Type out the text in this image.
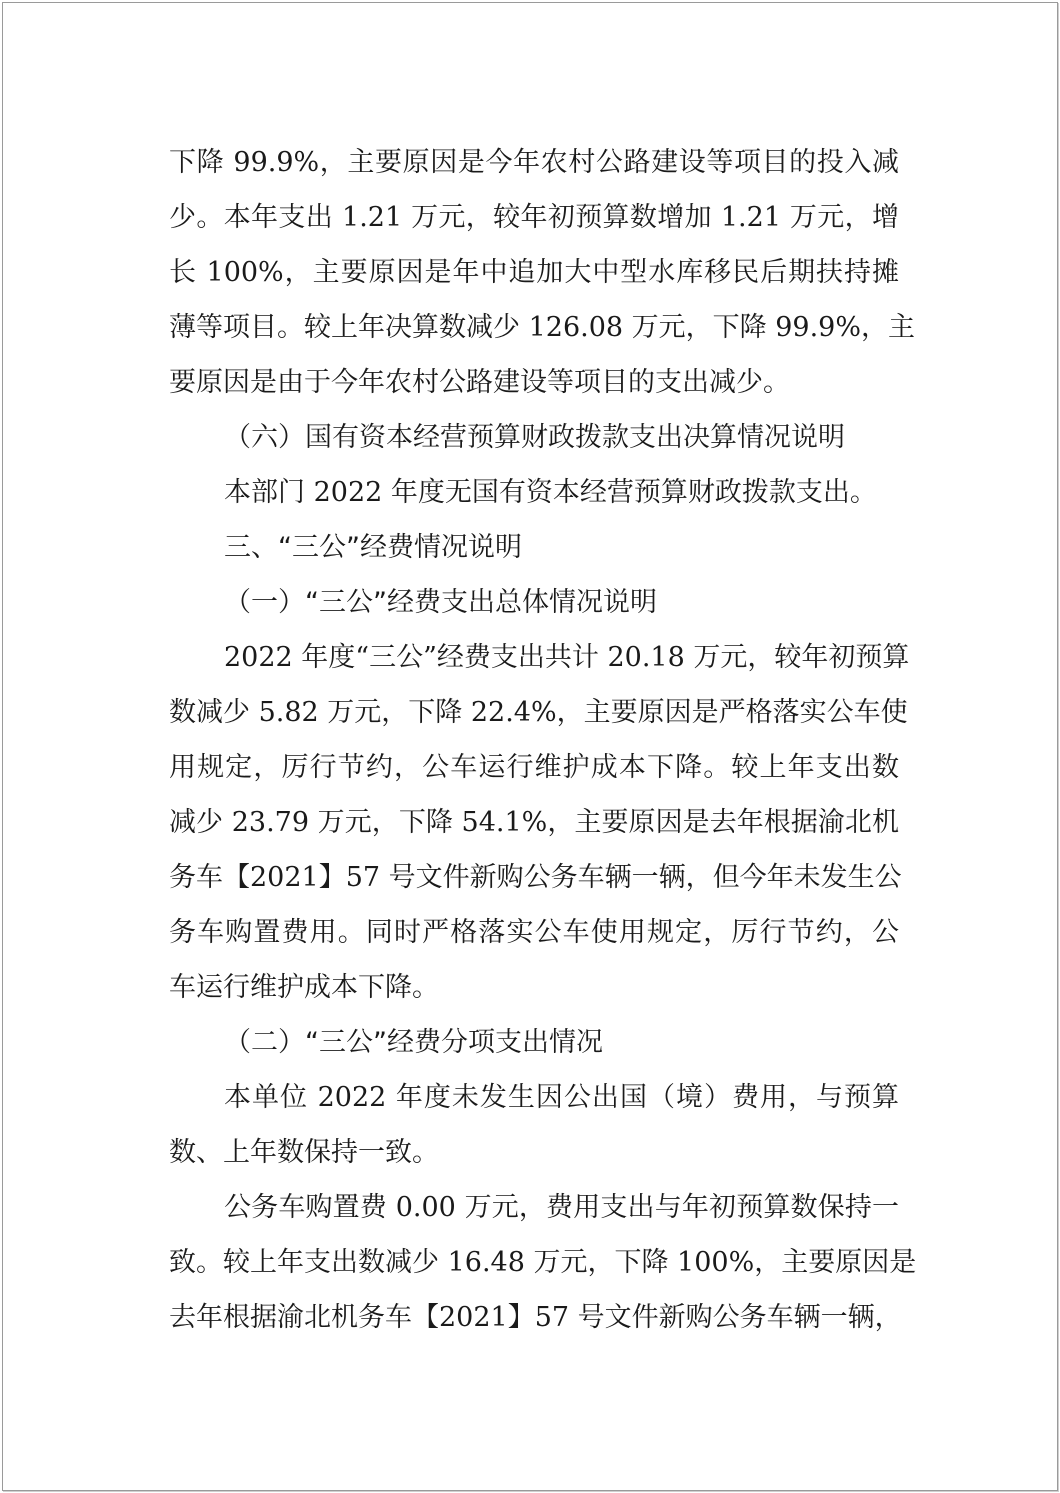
下降 99.9%，主要原因是今年农村公路建设等项目的投入减
少。本年支出 1.21 万元，较年初预算数增加 1.21 万元，增
长 100%，主要原因是年中追加大中型水库移民后期扶持摊
薄等项目。较上年决算数减少 126.08 万元，下降 99.9%，主
要原因是由于今年农村公路建设等项目的支出减少。
（六）国有资本经营预算财政拨款支出决算情况说明
本部门 2022 年度无国有资本经营预算财政拨款支出。
三、“三公”经费情况说明
（一）“三公”经费支出总体情况说明
2022 年度“三公”经费支出共计 20.18 万元，较年初预算
数减少 5.82 万元，下降 22.4%，主要原因是严格落实公车使
用规定，厉行节约，公车运行维护成本下降。较上年支出数
减少 23.79 万元，下降 54.1%，主要原因是去年根据渝北机
务车【2021】57 号文件新购公务车辆一辆，但今年未发生公
务车购置费用。同时严格落实公车使用规定，厉行节约，公
车运行维护成本下降。
（二）“三公”经费分项支出情况
本单位 2022 年度未发生因公出国（境）费用，与预算
数、上年数保持一致。
公务车购置费 0.00 万元，费用支出与年初预算数保持一
致。较上年支出数减少 16.48 万元，下降 100%，主要原因是
去年根据渝北机务车【2021】57 号文件新购公务车辆一辆，
